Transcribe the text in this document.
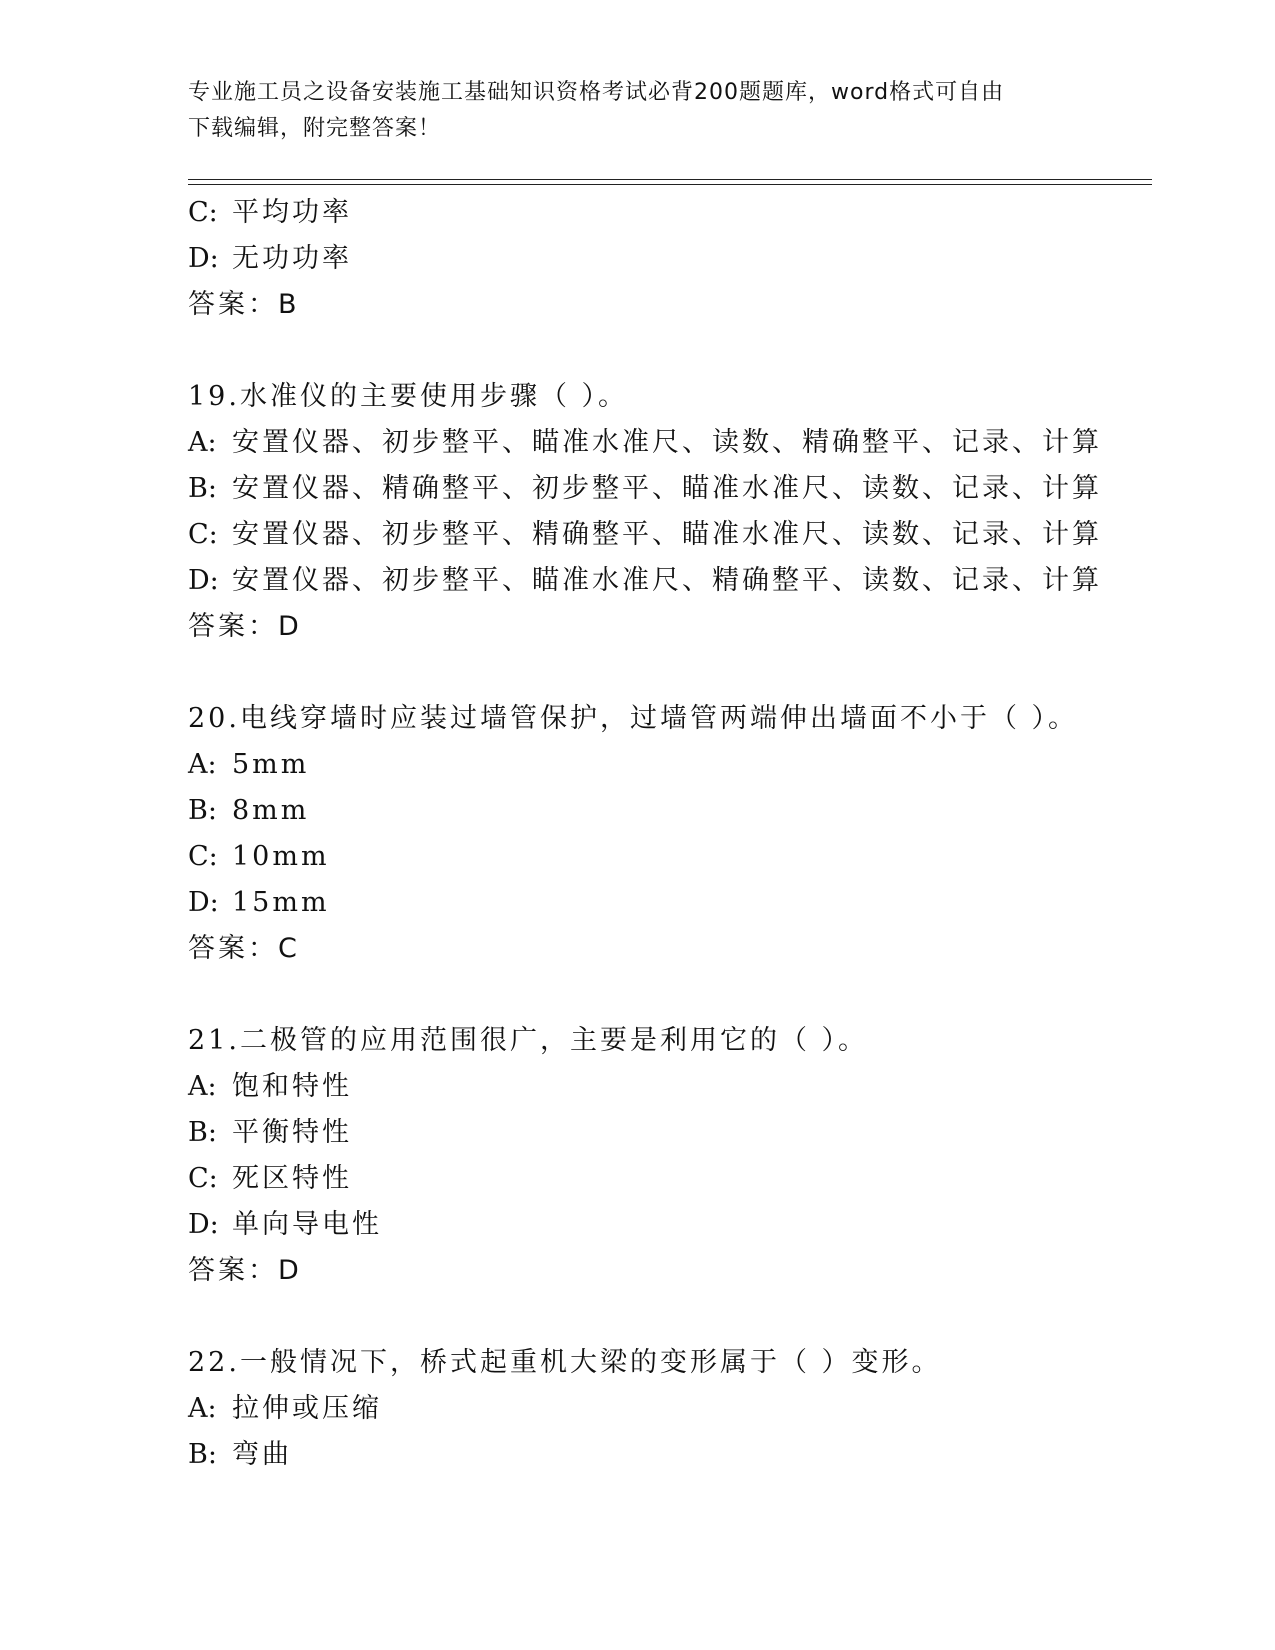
专业施工员之设备安装施工基础知识资格考试必背200题题库，word格式可自由
下载编辑，附完整答案！
C: 平均功率
D: 无功功率
答案：B
19.水准仪的主要使用步骤（ ）。
A: 安置仪器、初步整平、瞄准水准尺、读数、精确整平、记录、计算
B: 安置仪器、精确整平、初步整平、瞄准水准尺、读数、记录、计算
C: 安置仪器、初步整平、精确整平、瞄准水准尺、读数、记录、计算
D: 安置仪器、初步整平、瞄准水准尺、精确整平、读数、记录、计算
答案：D
20.电线穿墙时应装过墙管保护，过墙管两端伸出墙面不小于（ ）。
A: 5mm
B: 8mm
C: 10mm
D: 15mm
答案：C
21.二极管的应用范围很广，主要是利用它的（ ）。
A: 饱和特性
B: 平衡特性
C: 死区特性
D: 单向导电性
答案：D
22.一般情况下，桥式起重机大梁的变形属于（ ）变形。
A: 拉伸或压缩
B: 弯曲
